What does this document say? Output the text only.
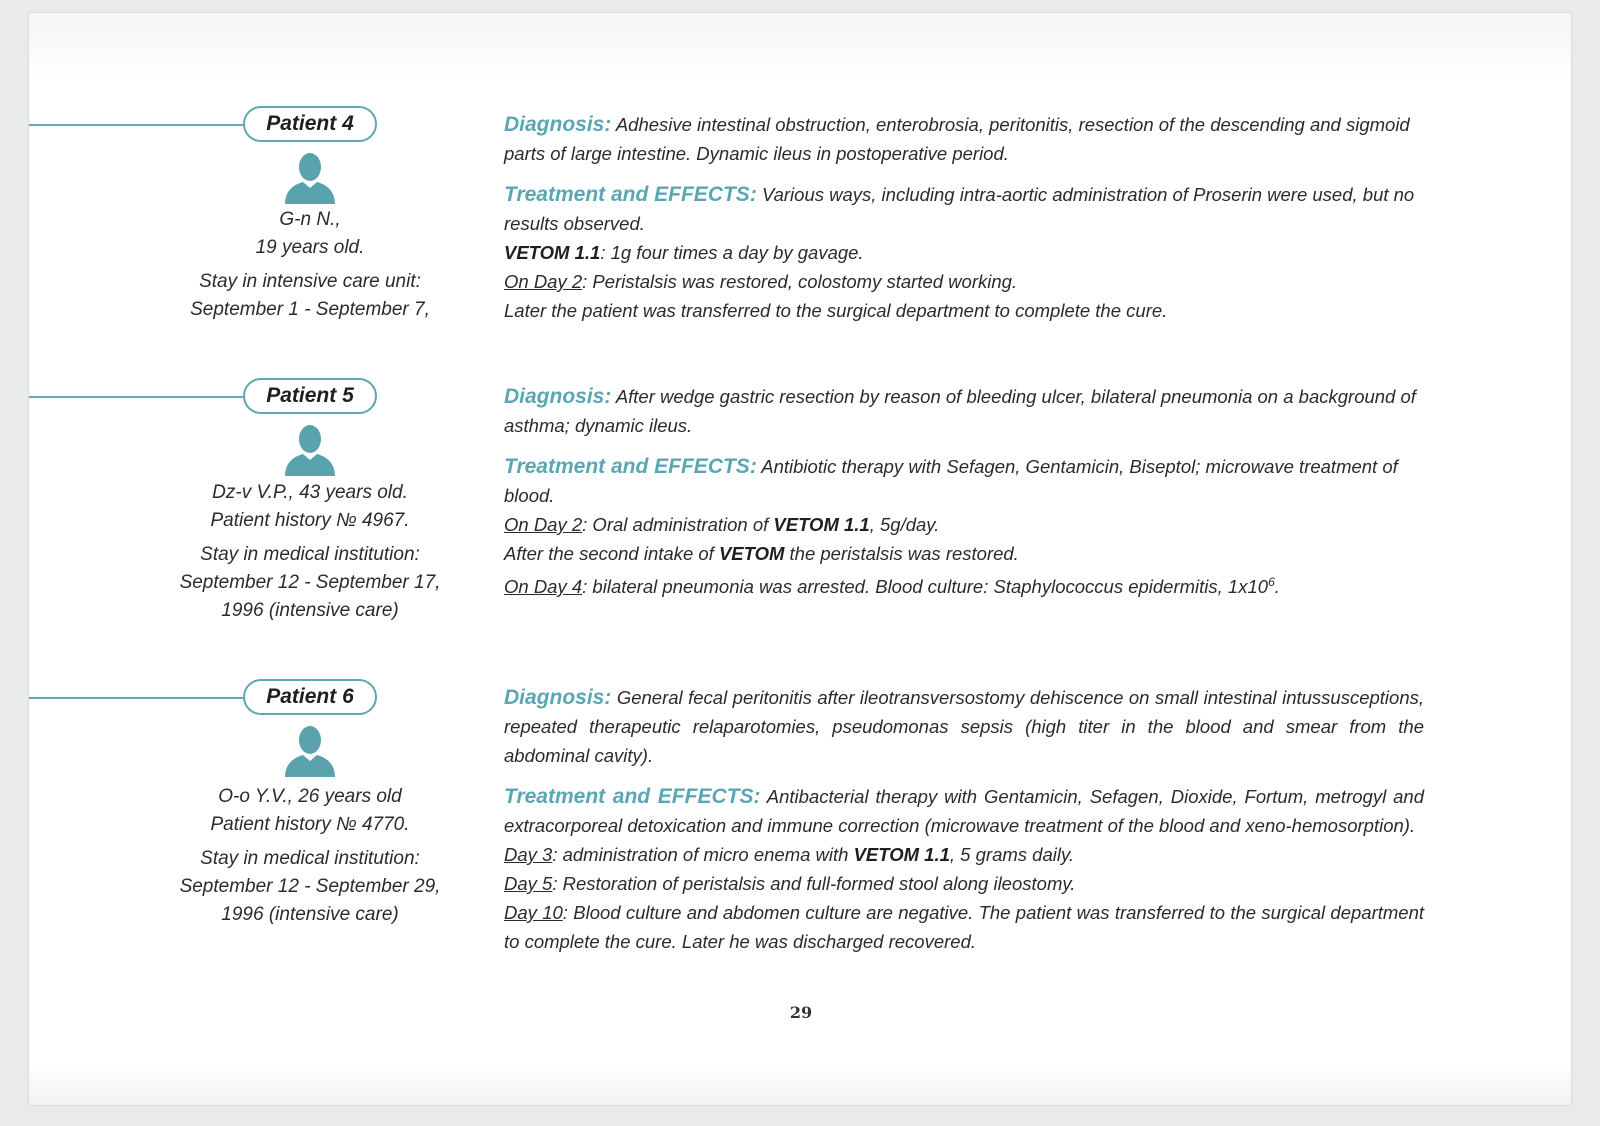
Patient 4
G-n N.,
19 years old.
Stay in intensive care unit:
September 1 - September 7,

Diagnosis: Adhesive intestinal obstruction, enterobrosia, peritonitis, resection of the descending and sigmoid parts of large intestine. Dynamic ileus in postoperative period.

Treatment and EFFECTS: Various ways, including intra-aortic administration of Proserin were used, but no results observed.

VETOM 1.1: 1g four times a day by gavage.

On Day 2: Peristalsis was restored, colostomy started working.

Later the patient was transferred to the surgical department to complete the cure.

Patient 5
Dz-v V.P., 43 years old.
Patient history № 4967.
Stay in medical institution:
September 12 - September 17,
1996 (intensive care)

Diagnosis: After wedge gastric resection by reason of bleeding ulcer, bilateral pneumonia on a background of asthma; dynamic ileus.

Treatment and EFFECTS: Antibiotic therapy with Sefagen, Gentamicin, Biseptol; microwave treatment of blood.

On Day 2: Oral administration of VETOM 1.1, 5g/day.

After the second intake of VETOM the peristalsis was restored.

On Day 4: bilateral pneumonia was arrested. Blood culture: Staphylococcus epidermitis, $1x10^6$.

Patient 6
O-o Y.V., 26 years old
Patient history № 4770.
Stay in medical institution:
September 12 - September 29,
1996 (intensive care)

Diagnosis: General fecal peritonitis after ileotransversostomy dehiscence on small intestinal intussusceptions, repeated therapeutic relaparotomies, pseudomonas sepsis (high titer in the blood and smear from the abdominal cavity).

Treatment and EFFECTS: Antibacterial therapy with Gentamicin, Sefagen, Dioxide, Fortum, metrogyl and extracorporeal detoxication and immune correction (microwave treatment of the blood and xeno-hemosorption).

Day 3: administration of micro enema with VETOM 1.1, 5 grams daily.

Day 5: Restoration of peristalsis and full-formed stool along ileostomy.

Day 10: Blood culture and abdomen culture are negative. The patient was transferred to the surgical department to complete the cure. Later he was discharged recovered.

29
